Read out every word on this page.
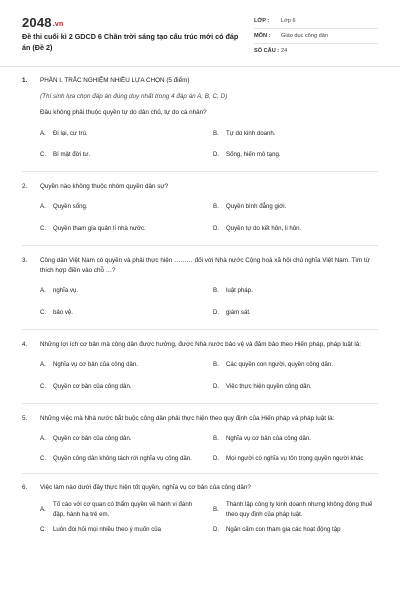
2048.vn
Đề thi cuối kì 2 GDCD 6 Chân trời sáng tạo cấu trúc mới có đáp án (Đề 2)
LỚP :	Lớp 6
MÔN :	Giáo dục công dân
SỐ CÂU : 24
1.	PHẦN I. TRẮC NGHIỆM NHIỀU LỰA CHỌN (5 điểm)
(Thí sinh lựa chọn đáp án đúng duy nhất trong 4 đáp án A, B, C, D)
Đâu không phải thuộc quyền tự do dân chủ, tự do cá nhân?
A.	Đi lại, cư trú.	B.	Tự do kinh doanh.
C.	Bí mật đời tư.	D.	Sống, hiến mô tạng.
2.	Quyền nào không thuộc nhóm quyền dân sự?
A.	Quyền sống.	B.	Quyền bình đẳng giới.
C.	Quyền tham gia quản lí nhà nước.	D.	Quyền tự do kết hôn, li hôn.
3.	Công dân Việt Nam có quyền và phải thực hiện ……… đối với Nhà nước Cộng hoà xã hội chủ nghĩa Việt Nam. Tìm từ thích hợp điền vào chỗ …?
A.	nghĩa vụ.	B.	luật pháp.
C.	bảo vệ.	D.	giám sát.
4.	Những lợi ích cơ bản mà công dân được hưởng, được Nhà nước bảo vệ và đảm bảo theo Hiến pháp, pháp luật là:
A.	Nghĩa vụ cơ bản của công dân.	B.	Các quyền con người, quyền công dân.
C.	Quyền cơ bản của công dân.	D.	Việc thực hiện quyền công dân.
5.	Những việc mà Nhà nước bắt buộc công dân phải thực hiện theo quy định của Hiến pháp và pháp luật là:
A.	Quyền cơ bản của công dân.	B.	Nghĩa vụ cơ bản của công dân.
C.	Quyền công dân không tách rời nghĩa vụ công dân.	D.	Mọi người có nghĩa vụ tôn trọng quyền người khác
6.	Việc làm nào dưới đây thực hiện tốt quyền, nghĩa vụ cơ bản của công dân?
A.
Tố cáo với cơ quan có thẩm quyền về hành vi đánh đập, hành hạ trẻ em.
B.
Thành lập công ty kinh doanh nhưng không đóng thuế theo quy định của pháp luật.
C.	Luôn đòi hỏi mọi nhiều theo ý muốn của	D.	Ngăn cấm con tham gia các hoạt động tập
